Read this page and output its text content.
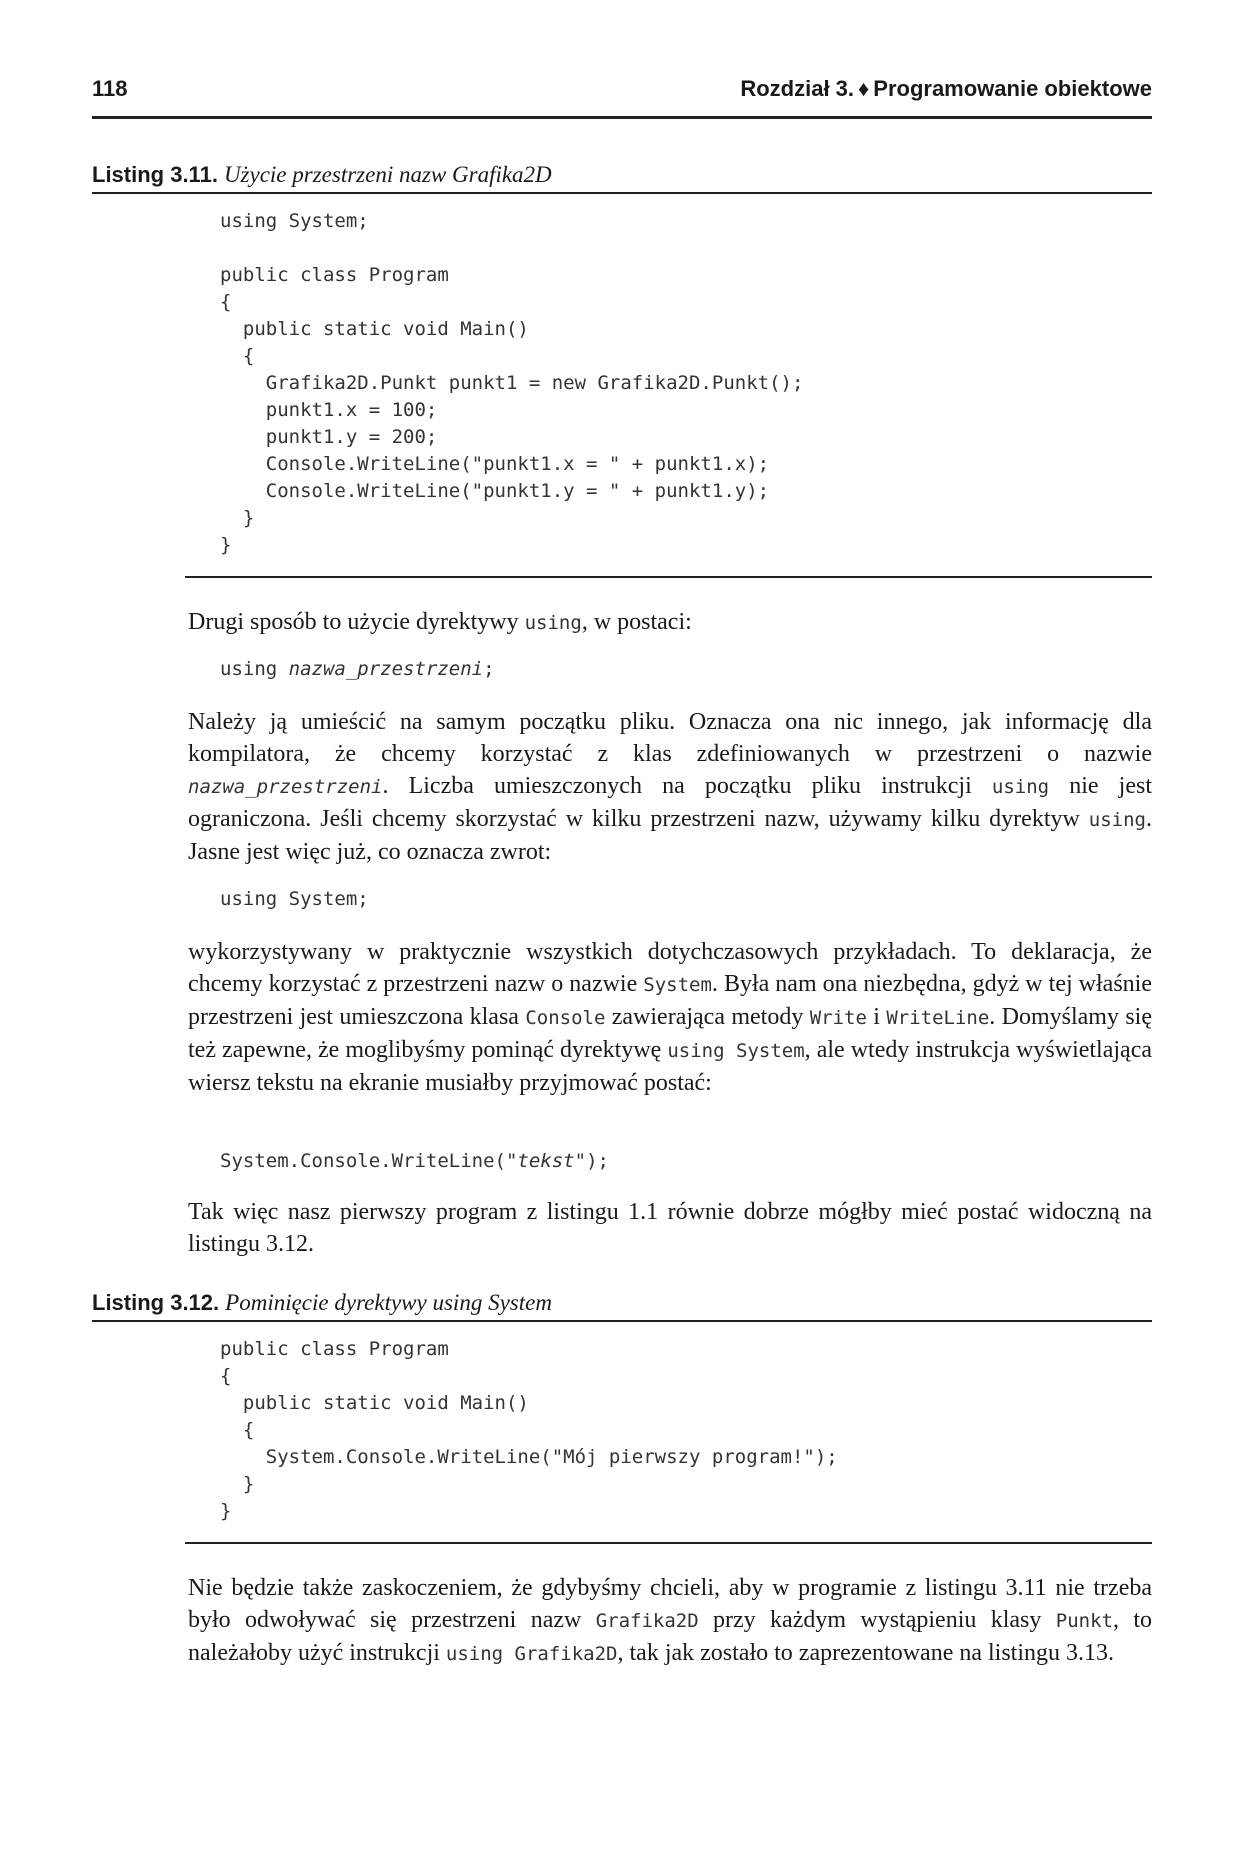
118	Rozdział 3. ♦ Programowanie obiektowe
Listing 3.11. Użycie przestrzeni nazw Grafika2D
using System;
public class Program
{
public static void Main()
{
Grafika2D.Punkt punkt1 = new Grafika2D.Punkt();
punkt1.x = 100;
punkt1.y = 200;
Console.WriteLine("punkt1.x = " + punkt1.x);
Console.WriteLine("punkt1.y = " + punkt1.y);
}
}

Drugi sposób to użycie dyrektywy using, w postaci:

using nazwa_przestrzeni;

Należy ją umieścić na samym początku pliku. Oznacza ona nic innego, jak informację dla kompilatora, że chcemy korzystać z klas zdefiniowanych w przestrzeni o nazwie nazwa_przestrzeni. Liczba umieszczonych na początku pliku instrukcji using nie jest ograniczona. Jeśli chcemy skorzystać w kilku przestrzeni nazw, używamy kilku dyrektyw using. Jasne jest więc już, co oznacza zwrot:

using System;

wykorzystywany w praktycznie wszystkich dotychczasowych przykładach. To deklaracja, że chcemy korzystać z przestrzeni nazw o nazwie System. Była nam ona niezbędna, gdyż w tej właśnie przestrzeni jest umieszczona klasa Console zawierająca metody Write i WriteLine. Domyślamy się też zapewne, że moglibyśmy pominąć dyrektywę using System, ale wtedy instrukcja wyświetlająca wiersz tekstu na ekranie musiałby przyjmować postać:

System.Console.WriteLine("tekst");

Tak więc nasz pierwszy program z listingu 1.1 równie dobrze mógłby mieć postać widoczną na listingu 3.12.

Listing 3.12. Pominięcie dyrektywy using System
public class Program
{
public static void Main()
{
System.Console.WriteLine("Mój pierwszy program!");
}
}

Nie będzie także zaskoczeniem, że gdybyśmy chcieli, aby w programie z listingu 3.11 nie trzeba było odwoływać się przestrzeni nazw Grafika2D przy każdym wystąpieniu klasy Punkt, to należałoby użyć instrukcji using Grafika2D, tak jak zostało to zaprezentowane na listingu 3.13.
